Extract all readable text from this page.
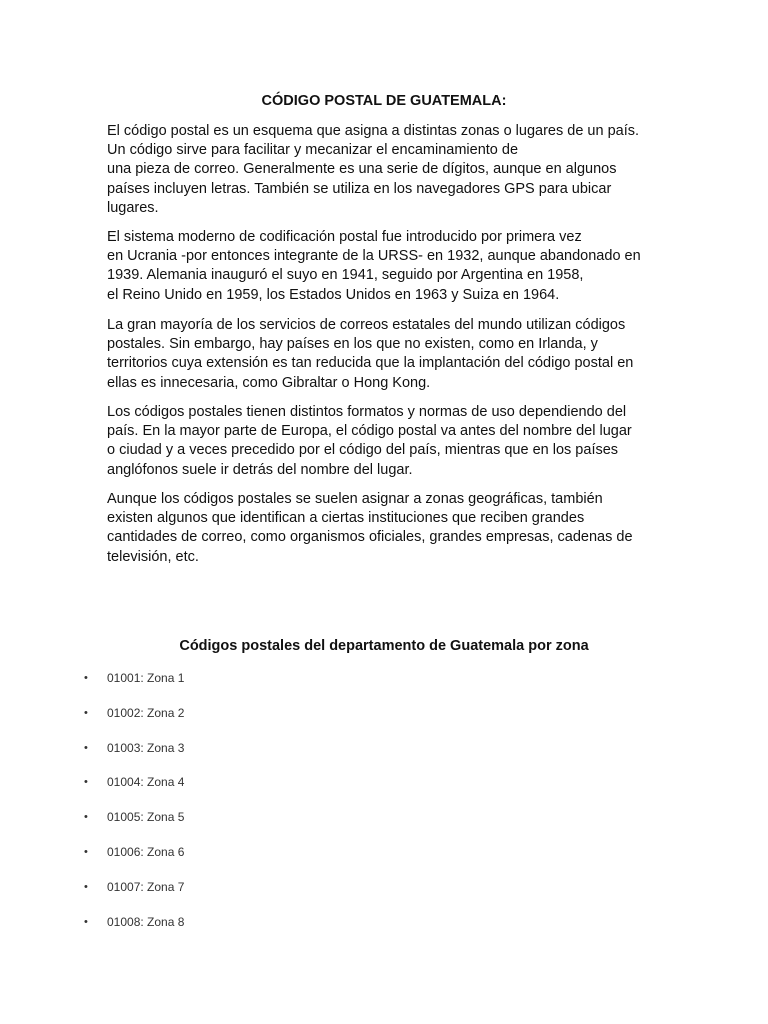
CÓDIGO POSTAL DE GUATEMALA:

El código postal es un esquema que asigna a distintas zonas o lugares de un país.
Un código sirve para facilitar y mecanizar el encaminamiento de
una pieza de correo. Generalmente es una serie de dígitos, aunque en algunos
países incluyen letras. También se utiliza en los navegadores GPS para ubicar
lugares.

El sistema moderno de codificación postal fue introducido por primera vez
en Ucrania -por entonces integrante de la URSS- en 1932, aunque abandonado en
1939. Alemania inauguró el suyo en 1941, seguido por Argentina en 1958,
el Reino Unido en 1959, los Estados Unidos en 1963 y Suiza en 1964.

La gran mayoría de los servicios de correos estatales del mundo utilizan códigos
postales. Sin embargo, hay países en los que no existen, como en Irlanda, y
territorios cuya extensión es tan reducida que la implantación del código postal en
ellas es innecesaria, como Gibraltar o Hong Kong.

Los códigos postales tienen distintos formatos y normas de uso dependiendo del
país. En la mayor parte de Europa, el código postal va antes del nombre del lugar
o ciudad y a veces precedido por el código del país, mientras que en los países
anglófonos suele ir detrás del nombre del lugar.

Aunque los códigos postales se suelen asignar a zonas geográficas, también
existen algunos que identifican a ciertas instituciones que reciben grandes
cantidades de correo, como organismos oficiales, grandes empresas, cadenas de
televisión, etc.

Códigos postales del departamento de Guatemala por zona
• 01001: Zona 1
• 01002: Zona 2
• 01003: Zona 3
• 01004: Zona 4
• 01005: Zona 5
• 01006: Zona 6
• 01007: Zona 7
• 01008: Zona 8
